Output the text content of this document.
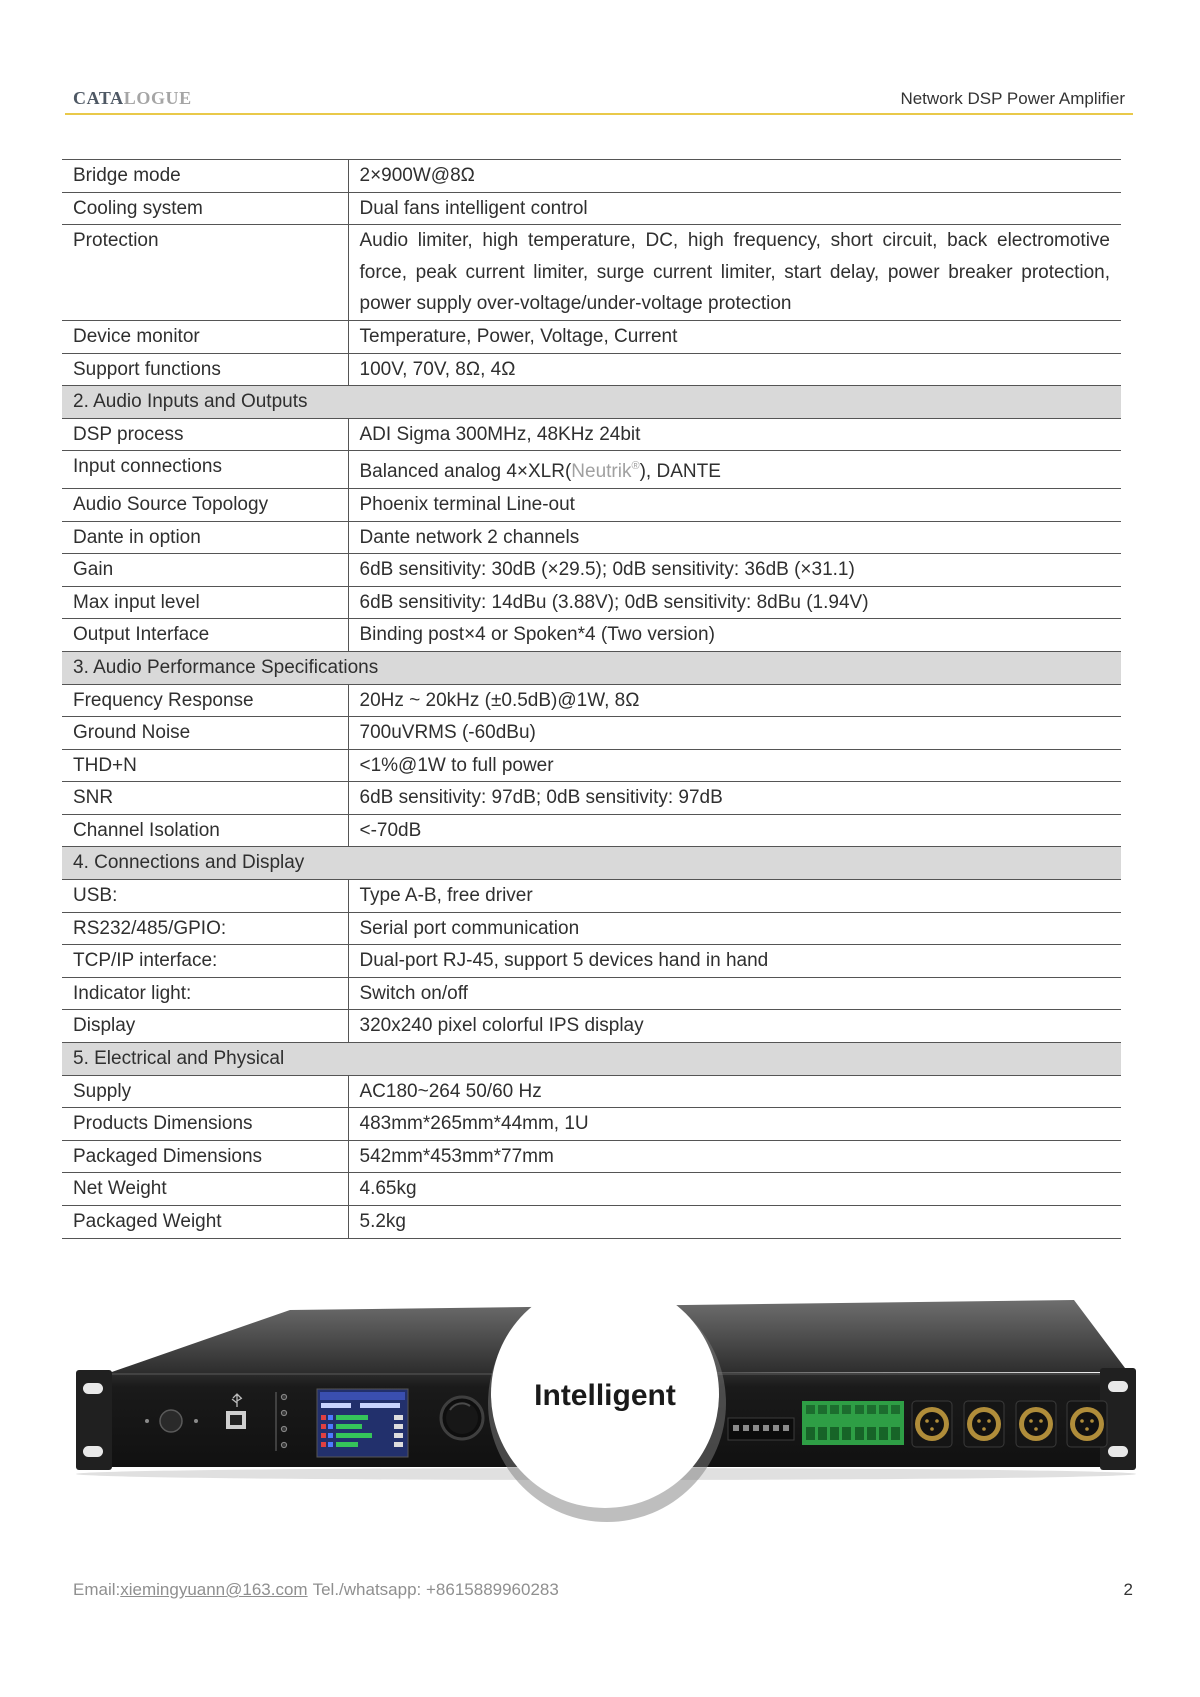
CATALOGUE	Network DSP Power Amplifier
Bridge mode	2×900W@8Ω
Cooling system	Dual fans intelligent control
Protection	Audio limiter, high temperature, DC, high frequency, short circuit, back electromotive force, peak current limiter, surge current limiter, start delay, power breaker protection, power supply over-voltage/under-voltage protection
Device monitor	Temperature, Power, Voltage, Current
Support functions	100V, 70V, 8Ω, 4Ω
2. Audio Inputs and Outputs	
DSP process	ADI Sigma 300MHz, 48KHz 24bit
Input connections	Balanced analog 4×XLR(Neutrik®), DANTE
Audio Source Topology	Phoenix terminal Line-out
Dante in option	Dante network 2 channels
Gain	6dB sensitivity: 30dB (×29.5); 0dB sensitivity: 36dB (×31.1)
Max input level	6dB sensitivity: 14dBu (3.88V); 0dB sensitivity: 8dBu (1.94V)
Output Interface	Binding post×4 or Spoken*4 (Two version)
3. Audio Performance Specifications	
Frequency Response	20Hz ~ 20kHz (±0.5dB)@1W, 8Ω
Ground Noise	700uVRMS (-60dBu)
THD+N	<1%@1W to full power
SNR	6dB sensitivity: 97dB; 0dB sensitivity: 97dB
Channel Isolation	<-70dB
4. Connections and Display	
USB:	Type A-B, free driver
RS232/485/GPIO:	Serial port communication
TCP/IP interface:	Dual-port RJ-45, support 5 devices hand in hand
Indicator light:	Switch on/off
Display	320x240 pixel colorful IPS display
5. Electrical and Physical	
Supply	AC180~264 50/60 Hz
Products Dimensions	483mm*265mm*44mm, 1U
Packaged Dimensions	542mm*453mm*77mm
Net Weight	4.65kg
Packaged Weight	5.2kg
Intelligent
Email:xiemingyuann@163.com Tel./whatsapp: +8615889960283	2
